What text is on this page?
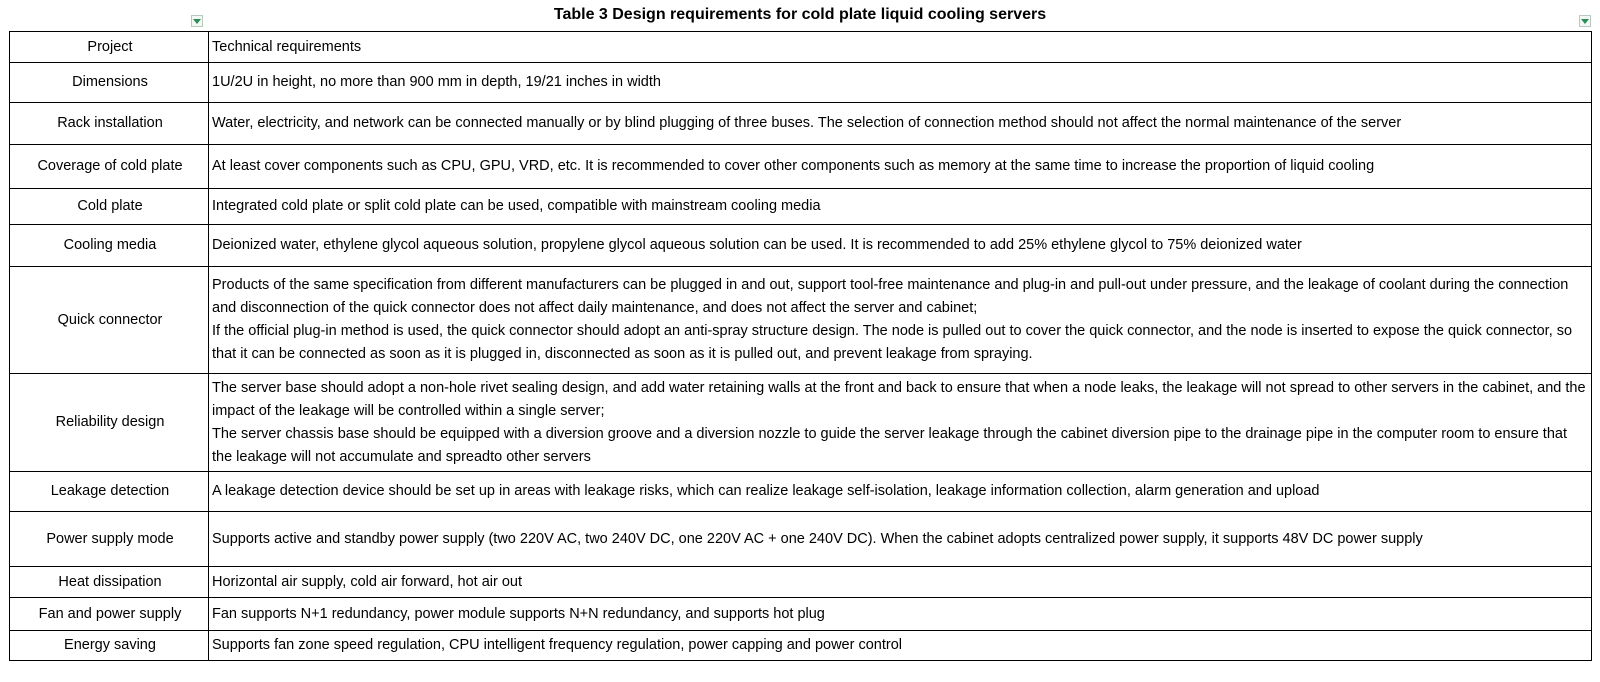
Table 3 Design requirements for cold plate liquid cooling servers
Project	Technical requirements
Dimensions	1U/2U in height, no more than 900 mm in depth, 19/21 inches in width

Rack installation	Water, electricity, and network can be connected manually or by blind plugging of three buses. The selection of connection method should not affect the normal maintenance of the server

Coverage of cold plate	At least cover components such as CPU, GPU, VRD, etc. It is recommended to cover other components such as memory at the same time to increase the proportion of liquid cooling

Cold plate	Integrated cold plate or split cold plate can be used, compatible with mainstream cooling media

Cooling media	Deionized water, ethylene glycol aqueous solution, propylene glycol aqueous solution can be used. It is recommended to add 25% ethylene glycol to 75% deionized water

Quick connector	Products of the same specification from different manufacturers can be plugged in and out, support tool-free maintenance and plug-in and pull-out under pressure, and the leakage of coolant during the connection and disconnection of the quick connector does not affect daily maintenance, and does not affect the server and cabinet;
If the official plug-in method is used, the quick connector should adopt an anti-spray structure design. The node is pulled out to cover the quick connector, and the node is inserted to expose the quick connector, so that it can be connected as soon as it is plugged in, disconnected as soon as it is pulled out, and prevent leakage from spraying.

Reliability design	The server base should adopt a non-hole rivet sealing design, and add water retaining walls at the front and back to ensure that when a node leaks, the leakage will not spread to other servers in the cabinet, and the impact of the leakage will be controlled within a single server;
The server chassis base should be equipped with a diversion groove and a diversion nozzle to guide the server leakage through the cabinet diversion pipe to the drainage pipe in the computer room to ensure that the leakage will not accumulate and spreadto other servers

Leakage detection	A leakage detection device should be set up in areas with leakage risks, which can realize leakage self-isolation, leakage information collection, alarm generation and upload

Power supply mode	Supports active and standby power supply (two 220V AC, two 240V DC, one 220V AC + one 240V DC). When the cabinet adopts centralized power supply, it supports 48V DC power supply

Heat dissipation	Horizontal air supply, cold air forward, hot air out

Fan and power supply	Fan supports N+1 redundancy, power module supports N+N redundancy, and supports hot plug

Energy saving	Supports fan zone speed regulation, CPU intelligent frequency regulation, power capping and power control
